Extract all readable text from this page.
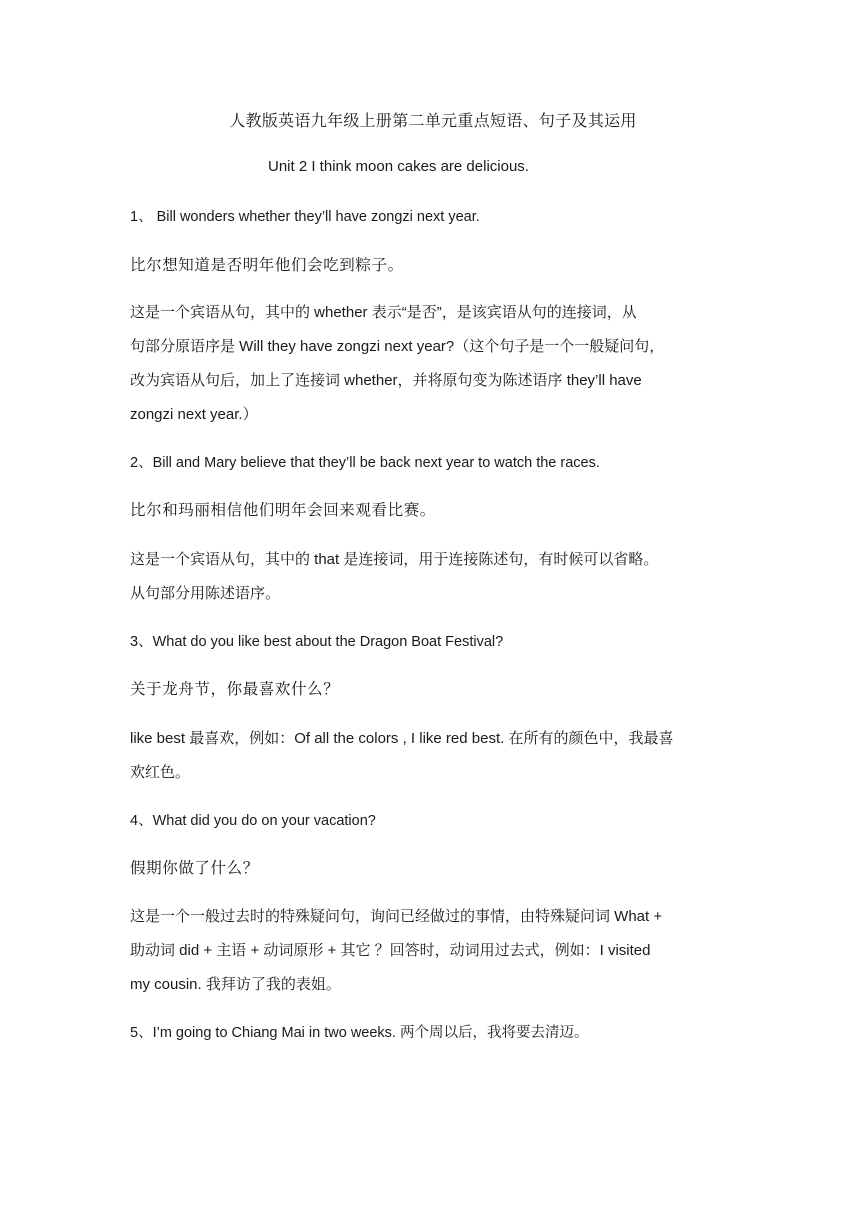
人教版英语九年级上册第二单元重点短语、句子及其运用
Unit 2 I think moon cakes are delicious.
1、 Bill wonders whether they’ll have zongzi next year.
比尔想知道是否明年他们会吃到粽子。
这是一个宾语从句，其中的 whether 表示“是否”，是该宾语从句的连接词，从
句部分原语序是 Will they have zongzi next year?（这个句子是一个一般疑问句，
改为宾语从句后，加上了连接词 whether，并将原句变为陈述语序 they’ll have
zongzi next year.）
2、Bill and Mary believe that they’ll be back next year to watch the races.
比尔和玛丽相信他们明年会回来观看比赛。
这是一个宾语从句，其中的 that 是连接词，用于连接陈述句，有时候可以省略。
从句部分用陈述语序。
3、What do you like best about the Dragon Boat Festival?
关于龙舟节，你最喜欢什么？
like best 最喜欢，例如：Of all the colors , I like red best. 在所有的颜色中，我最喜
欢红色。
4、What did you do on your vacation?
假期你做了什么？
这是一个一般过去时的特殊疑问句，询问已经做过的事情，由特殊疑问词 What +
助动词 did + 主语 + 动词原形 + 其它 ？回答时，动词用过去式，例如：I visited
my cousin. 我拜访了我的表姐。
5、I’m going to Chiang Mai in two weeks. 两个周以后，我将要去清迈。
